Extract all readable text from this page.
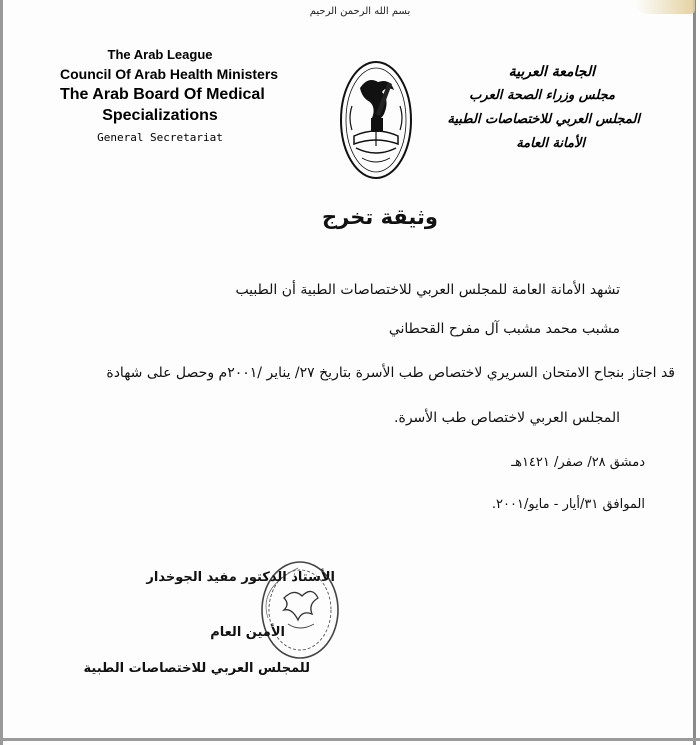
بسم الله الرحمن الرحيم
The Arab League
Council Of Arab Health Ministers
The Arab Board Of Medical
Specializations
General Secretariat
الجامعة العربية
مجلس وزراء الصحة العرب
المجلس العربي للاختصاصات الطبية
الأمانة العامة
وثيقة تخرج
تشهد الأمانة العامة للمجلس العربي للاختصاصات الطبية أن الطبيب
مشبب محمد مشبب آل مفرح القحطاني
قد اجتاز بنجاح الامتحان السريري لاختصاص طب الأسرة بتاريخ ٢٧/ يناير /٢٠٠١م وحصل على شهادة
المجلس العربي لاختصاص طب الأسرة.
دمشق ٢٨/ صفر/ ١٤٢١هـ
الموافق ٣١/أيار - مايو/٢٠٠١.
الأستاذ الدكتور مفيد الجوخدار
الأمين العام
للمجلس العربي للاختصاصات الطبية
